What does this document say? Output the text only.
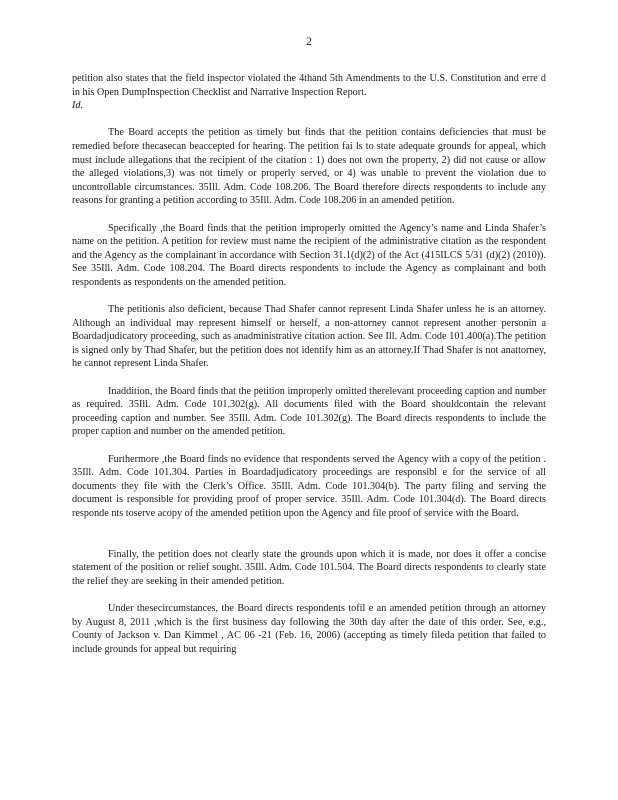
2

petition also states that the field inspector violated the 4thand 5th Amendments to the U.S. Constitution and erre d in his Open DumpInspection Checklist and Narrative Inspection Report.
Id.

The Board accepts the petition as timely but finds that the petition contains deficiencies that must be remedied before thecasecan beaccepted for hearing. The petition fai ls to state adequate grounds for appeal, which must include allegations that the recipient of the citation : 1) does not own the property, 2) did not cause or allow the alleged violations,3) was not timely or properly served, or 4) was unable to prevent the violation due to uncontrollable circumstances. 35Ill. Adm. Code 108.206. The Board therefore directs respondents to include any reasons for granting a petition according to 35Ill. Adm. Code 108.206 in an amended petition.

Specifically ,the Board finds that the petition improperly omitted the Agency’s name and Linda Shafer’s name on the petition. A petition for review must name the recipient of the administrative citation as the respondent and the Agency as the complainant in accordance with Section 31.1(d)(2) of the Act (415ILCS 5/31 (d)(2) (2010)). See 35Ill. Adm. Code 108.204. The Board directs respondents to include the Agency as complainant and both respondents as respondents on the amended petition.

The petitionis also deficient, because Thad Shafer cannot represent Linda Shafer unless he is an attorney. Although an individual may represent himself or herself, a non-attorney cannot represent another personin a Boardadjudicatory proceeding, such as anadministrative citation action. See Ill. Adm. Code 101.400(a).The petition is signed only by Thad Shafer, but the petition does not identify him as an attorney.If Thad Shafer is not anattorney, he cannot represent Linda Shafer.

Inaddition, the Board finds that the petition improperly omitted therelevant proceeding caption and number as required. 35Ill. Adm. Code 101.302(g). All documents filed with the Board shouldcontain the relevant proceeding caption and number. See 35Ill. Adm. Code 101.302(g). The Board directs respondents to include the proper caption and number on the amended petition.

Furthermore ,the Board finds no evidence that respondents served the Agency with a copy of the petition . 35Ill. Adm. Code 101.304. Parties in Boardadjudicatory proceedings are responsibl e for the service of all documents they file with the Clerk’s Office. 35Ill. Adm. Code 101.304(b). The party filing and serving the document is responsible for providing proof of proper service. 35Ill. Adm. Code 101.304(d). The Board directs responde nts toserve acopy of the amended petition upon the Agency and file proof of service with the Board.

Finally, the petition does not clearly state the grounds upon which it is made, nor does it offer a concise statement of the position or relief sought. 35Ill. Adm. Code 101.504. The Board directs respondents to clearly state the relief they are seeking in their amended petition.

Under thesecircumstances, the Board directs respondents tofil e an amended petition through an attorney by August 8, 2011 ,which is the first business day following the 30th day after the date of this order. See, e.g., County of Jackson v. Dan Kimmel , AC 06 -21 (Feb. 16, 2006) (accepting as timely fileda petition that failed to include grounds for appeal but requiring
